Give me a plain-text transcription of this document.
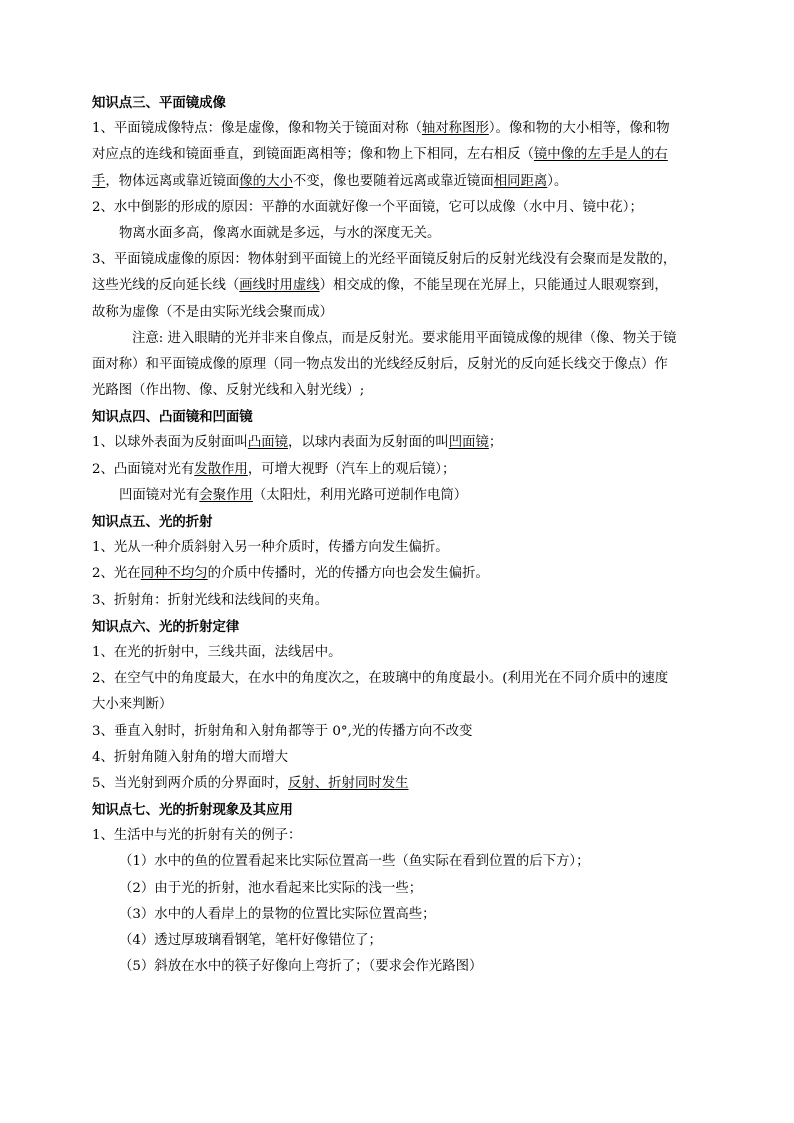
知识点三、平面镜成像
1、平面镜成像特点：像是虚像，像和物关于镜面对称（轴对称图形）。像和物的大小相等，像和物
对应点的连线和镜面垂直，到镜面距离相等；像和物上下相同，左右相反（镜中像的左手是人的右
手，物体远离或靠近镜面像的大小不变，像也要随着远离或靠近镜面相同距离）。
2、水中倒影的形成的原因：平静的水面就好像一个平面镜，它可以成像（水中月、镜中花）；
物离水面多高，像离水面就是多远，与水的深度无关。
3、平面镜成虚像的原因：物体射到平面镜上的光经平面镜反射后的反射光线没有会聚而是发散的，
这些光线的反向延长线（画线时用虚线）相交成的像，不能呈现在光屏上，只能通过人眼观察到，
故称为虚像（不是由实际光线会聚而成）
注意: 进入眼睛的光并非来自像点，而是反射光。要求能用平面镜成像的规律（像、物关于镜
面对称）和平面镜成像的原理（同一物点发出的光线经反射后，反射光的反向延长线交于像点）作
光路图（作出物、像、反射光线和入射光线）;
知识点四、凸面镜和凹面镜
1、以球外表面为反射面叫凸面镜，以球内表面为反射面的叫凹面镜；
2、凸面镜对光有发散作用，可增大视野（汽车上的观后镜）；
凹面镜对光有会聚作用（太阳灶，利用光路可逆制作电筒）
知识点五、光的折射
1、光从一种介质斜射入另一种介质时，传播方向发生偏折。
2、光在同种不均匀的介质中传播时，光的传播方向也会发生偏折。
3、折射角：折射光线和法线间的夹角。
知识点六、光的折射定律
1、在光的折射中，三线共面，法线居中。
2、在空气中的角度最大，在水中的角度次之，在玻璃中的角度最小。(利用光在不同介质中的速度
大小来判断）
3、垂直入射时，折射角和入射角都等于 0°,光的传播方向不改变
4、折射角随入射角的增大而增大
5、当光射到两介质的分界面时，反射、折射同时发生
知识点七、光的折射现象及其应用
1、生活中与光的折射有关的例子：
（1）水中的鱼的位置看起来比实际位置高一些（鱼实际在看到位置的后下方）；
（2）由于光的折射，池水看起来比实际的浅一些；
（3）水中的人看岸上的景物的位置比实际位置高些；
（4）透过厚玻璃看钢笔，笔杆好像错位了；
（5）斜放在水中的筷子好像向上弯折了；（要求会作光路图）
